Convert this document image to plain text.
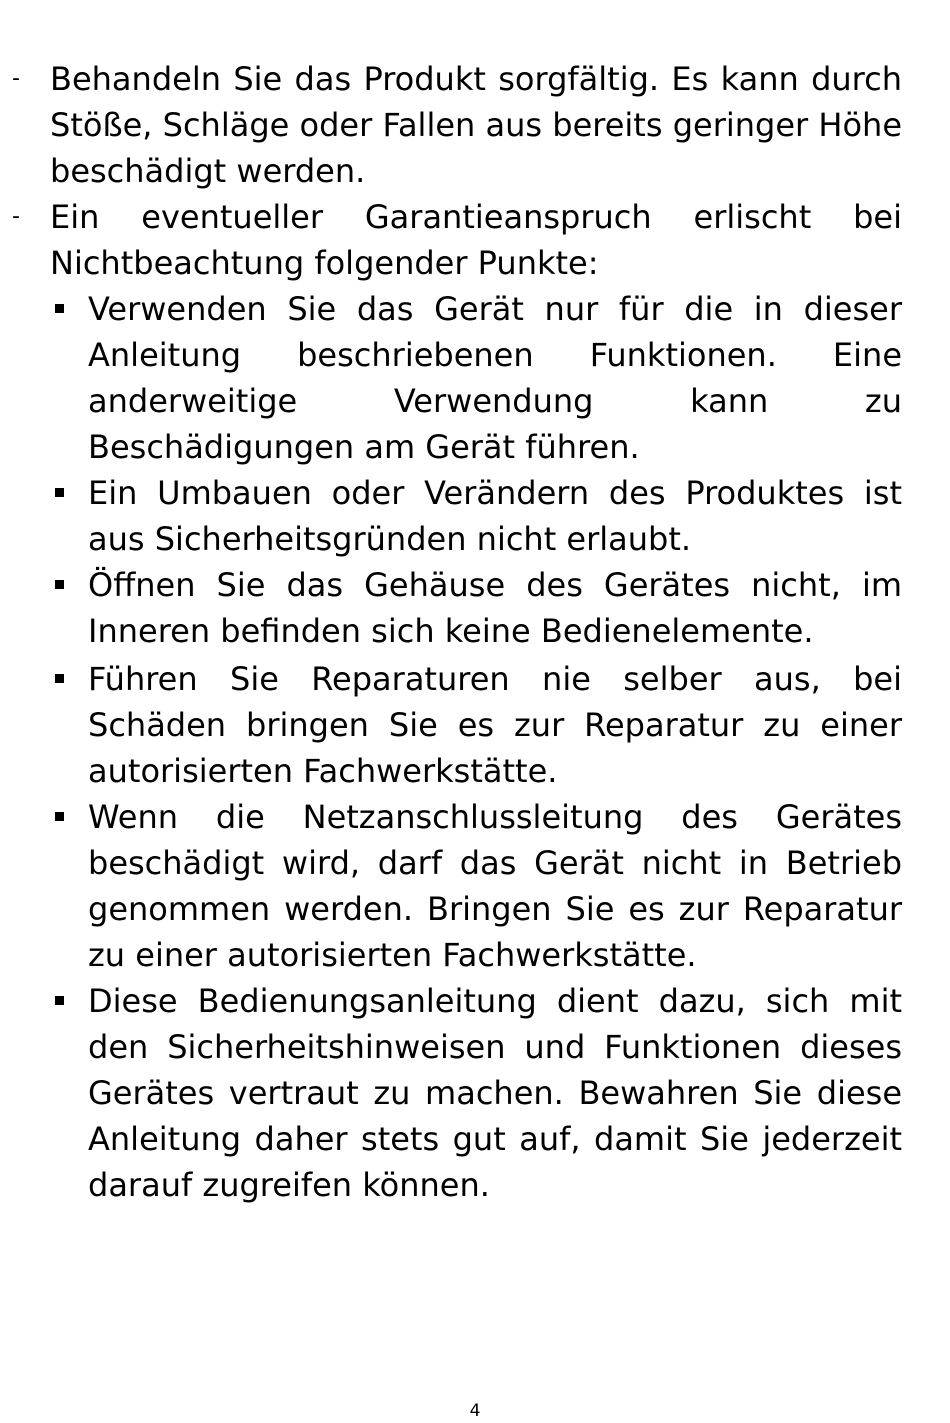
- Behandeln Sie das Produkt sorgfältig. Es kann durch Stöße, Schläge oder Fallen aus bereits geringer Höhe beschädigt werden.
- Ein eventueller Garantieanspruch erlischt bei Nichtbeachtung folgender Punkte:
Verwenden Sie das Gerät nur für die in dieser Anleitung beschriebenen Funktionen. Eine anderweitige Verwendung kann zu Beschädigungen am Gerät führen.
Ein Umbauen oder Verändern des Produktes ist aus Sicherheitsgründen nicht erlaubt.
Öffnen Sie das Gehäuse des Gerätes nicht, im Inneren befinden sich keine Bedienelemente.
Führen Sie Reparaturen nie selber aus, bei Schäden bringen Sie es zur Reparatur zu einer autorisierten Fachwerkstätte.
Wenn die Netzanschlussleitung des Gerätes beschädigt wird, darf das Gerät nicht in Betrieb genommen werden. Bringen Sie es zur Reparatur zu einer autorisierten Fachwerkstätte.
Diese Bedienungsanleitung dient dazu, sich mit den Sicherheitshinweisen und Funktionen dieses Gerätes vertraut zu machen. Bewahren Sie diese Anleitung daher stets gut auf, damit Sie jederzeit darauf zugreifen können.
4
